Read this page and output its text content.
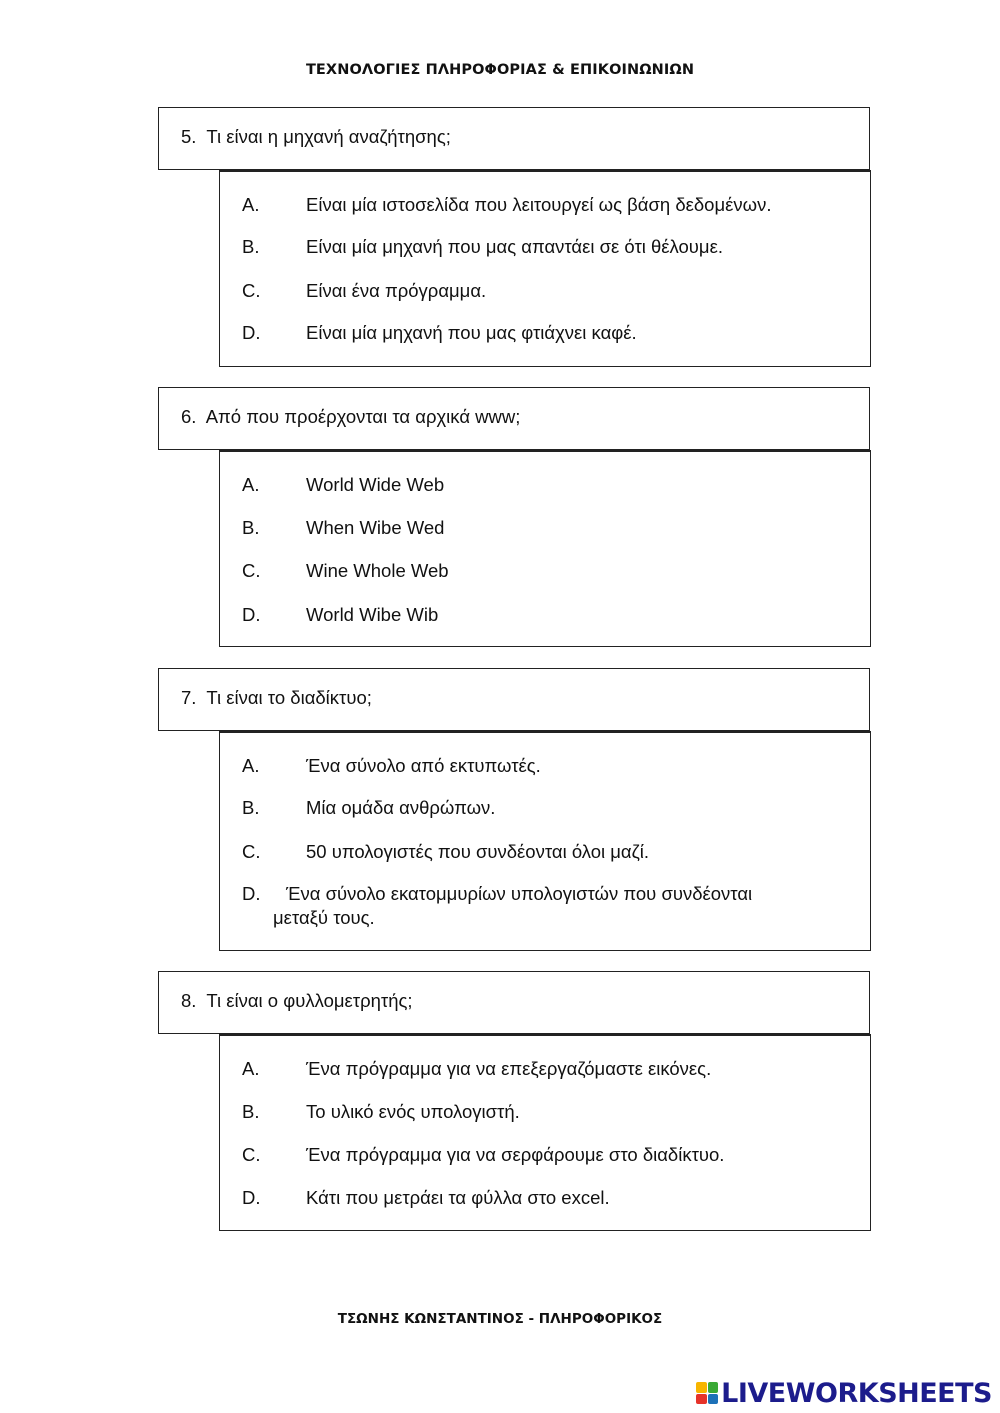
ΤΕΧΝΟΛΟΓΙΕΣ ΠΛΗΡΟΦΟΡΙΑΣ & ΕΠΙΚΟΙΝΩΝΙΩΝ
5. Τι είναι η μηχανή αναζήτησης;
A.	Είναι μία ιστοσελίδα που λειτουργεί ως βάση δεδομένων.
B.	Είναι μία μηχανή που μας απαντάει σε ότι θέλουμε.
C. Είναι ένα πρόγραμμα.
D. Είναι μία μηχανή που μας φτιάχνει καφέ.
6. Από που προέρχονται τα αρχικά www;
A.	World Wide Web
B.	When Wibe Wed
C. Wine Whole Web
D. World Wibe Wib
7. Τι είναι το διαδίκτυο;
A.	Ένα σύνολο από εκτυπωτές.
B.	Μία ομάδα ανθρώπων.
C. 50 υπολογιστές που συνδέονται όλοι μαζί.
D. Ένα σύνολο εκατομμυρίων υπολογιστών που συνδέονται
μεταξύ τους.
8. Τι είναι ο φυλλομετρητής;
A.	Ένα πρόγραμμα για να επεξεργαζόμαστε εικόνες.
B.	Το υλικό ενός υπολογιστή.
C. Ένα πρόγραμμα για να σερφάρουμε στο διαδίκτυο.
D. Κάτι που μετράει τα φύλλα στο excel.
ΤΣΩΝΗΣ ΚΩΝΣΤΑΝΤΙΝΟΣ - ΠΛΗΡΟΦΟΡΙΚΟΣ
LIVEWORKSHEETS
